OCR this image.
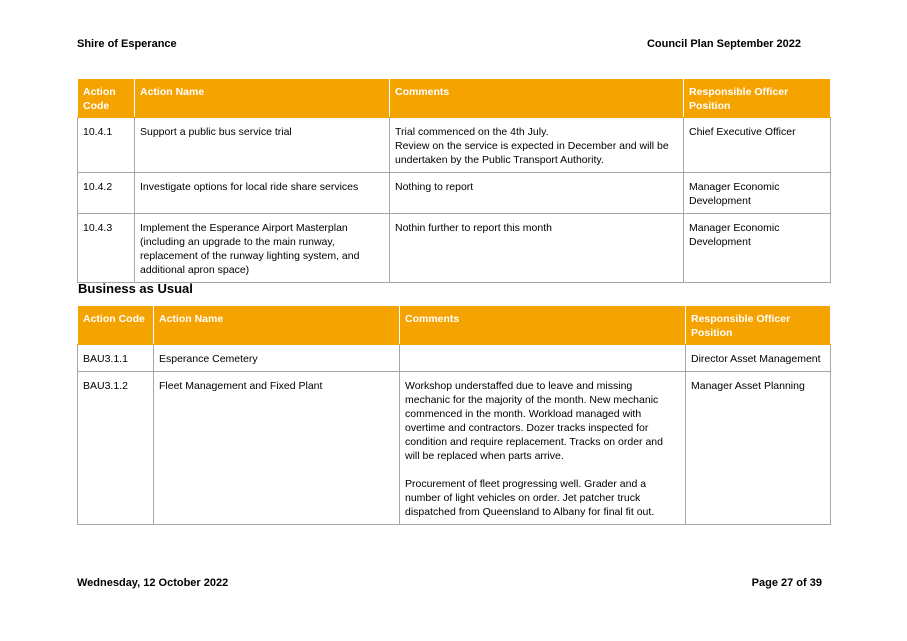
Shire of Esperance	Council Plan September 2022
Action Code	Action Name	Comments	Responsible Officer Position
10.4.1	Support a public bus service trial	Trial commenced on the 4th July.
Review on the service is expected in December and will be undertaken by the Public Transport Authority.	Chief Executive Officer
10.4.2	Investigate options for local ride share services	Nothing to report	Manager Economic Development
10.4.3	Implement the Esperance Airport Masterplan (including an upgrade to the main runway, replacement of the runway lighting system, and additional apron space)	Nothin further to report this month	Manager Economic Development
Business as Usual
Action Code	Action Name	Comments	Responsible Officer Position
BAU3.1.1	Esperance Cemetery		Director Asset Management
BAU3.1.2	Fleet Management and Fixed Plant	Workshop understaffed due to leave and missing mechanic for the majority of the month. New mechanic commenced in the month. Workload managed with overtime and contractors. Dozer tracks inspected for condition and require replacement. Tracks on order and will be replaced when parts arrive.
Procurement of fleet progressing well. Grader and a number of light vehicles on order. Jet patcher truck dispatched from Queensland to Albany for final fit out.	Manager Asset Planning
Wednesday, 12 October 2022	Page 27 of 39
